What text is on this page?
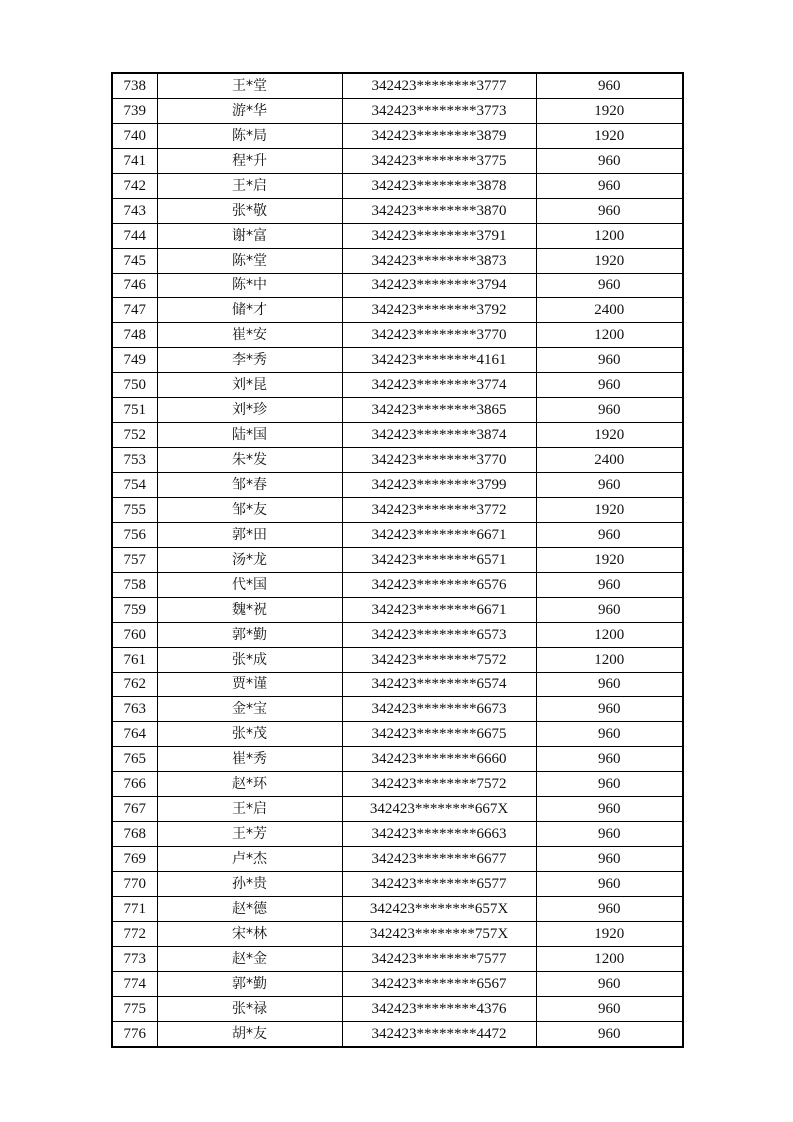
738	王*堂	342423********3777	960
739	游*华	342423********3773	1920
740	陈*局	342423********3879	1920
741	程*升	342423********3775	960
742	王*启	342423********3878	960
743	张*敬	342423********3870	960
744	谢*富	342423********3791	1200
745	陈*堂	342423********3873	1920
746	陈*中	342423********3794	960
747	储*才	342423********3792	2400
748	崔*安	342423********3770	1200
749	李*秀	342423********4161	960
750	刘*昆	342423********3774	960
751	刘*珍	342423********3865	960
752	陆*国	342423********3874	1920
753	朱*发	342423********3770	2400
754	邹*春	342423********3799	960
755	邹*友	342423********3772	1920
756	郭*田	342423********6671	960
757	汤*龙	342423********6571	1920
758	代*国	342423********6576	960
759	魏*祝	342423********6671	960
760	郭*勤	342423********6573	1200
761	张*成	342423********7572	1200
762	贾*谨	342423********6574	960
763	金*宝	342423********6673	960
764	张*茂	342423********6675	960
765	崔*秀	342423********6660	960
766	赵*环	342423********7572	960
767	王*启	342423********667X	960
768	王*芳	342423********6663	960
769	卢*杰	342423********6677	960
770	孙*贵	342423********6577	960
771	赵*德	342423********657X	960
772	宋*林	342423********757X	1920
773	赵*金	342423********7577	1200
774	郭*勤	342423********6567	960
775	张*禄	342423********4376	960
776	胡*友	342423********4472	960
